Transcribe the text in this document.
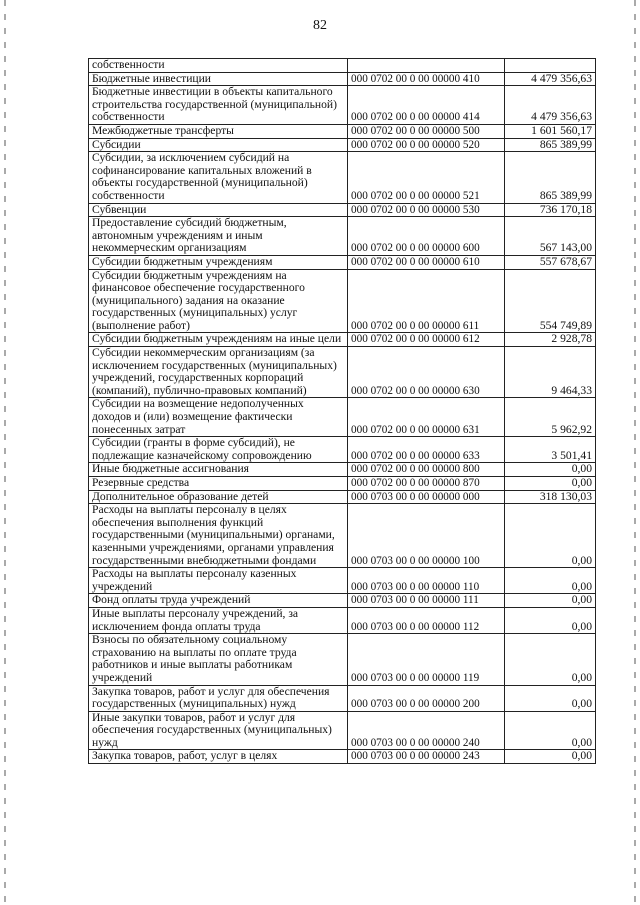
82
собственности		
Бюджетные инвестиции	000 0702 00 0 00 00000 410	4 479 356,63
Бюджетные инвестиции в объекты капитального строительства государственной (муниципальной) собственности	000 0702 00 0 00 00000 414	4 479 356,63
Межбюджетные трансферты	000 0702 00 0 00 00000 500	1 601 560,17
Субсидии	000 0702 00 0 00 00000 520	865 389,99
Субсидии, за исключением субсидий на софинансирование капитальных вложений в объекты государственной (муниципальной) собственности	000 0702 00 0 00 00000 521	865 389,99
Субвенции	000 0702 00 0 00 00000 530	736 170,18
Предоставление субсидий бюджетным, автономным учреждениям и иным некоммерческим организациям	000 0702 00 0 00 00000 600	567 143,00
Субсидии бюджетным учреждениям	000 0702 00 0 00 00000 610	557 678,67
Субсидии бюджетным учреждениям на финансовое обеспечение государственного (муниципального) задания на оказание государственных (муниципальных) услуг (выполнение работ)	000 0702 00 0 00 00000 611	554 749,89
Субсидии бюджетным учреждениям на иные цели	000 0702 00 0 00 00000 612	2 928,78
Субсидии некоммерческим организациям (за исключением государственных (муниципальных) учреждений, государственных корпораций (компаний), публично-правовых компаний)	000 0702 00 0 00 00000 630	9 464,33
Субсидии на возмещение недополученных доходов и (или) возмещение фактически понесенных затрат	000 0702 00 0 00 00000 631	5 962,92
Субсидии (гранты в форме субсидий), не подлежащие казначейскому сопровождению	000 0702 00 0 00 00000 633	3 501,41
Иные бюджетные ассигнования	000 0702 00 0 00 00000 800	0,00
Резервные средства	000 0702 00 0 00 00000 870	0,00
Дополнительное образование детей	000 0703 00 0 00 00000 000	318 130,03
Расходы на выплаты персоналу в целях обеспечения выполнения функций государственными (муниципальными) органами, казенными учреждениями, органами управления государственными внебюджетными фондами	000 0703 00 0 00 00000 100	0,00
Расходы на выплаты персоналу казенных учреждений	000 0703 00 0 00 00000 110	0,00
Фонд оплаты труда учреждений	000 0703 00 0 00 00000 111	0,00
Иные выплаты персоналу учреждений, за исключением фонда оплаты труда	000 0703 00 0 00 00000 112	0,00
Взносы по обязательному социальному страхованию на выплаты по оплате труда работников и иные выплаты работникам учреждений	000 0703 00 0 00 00000 119	0,00
Закупка товаров, работ и услуг для обеспечения государственных (муниципальных) нужд	000 0703 00 0 00 00000 200	0,00
Иные закупки товаров, работ и услуг для обеспечения государственных (муниципальных) нужд	000 0703 00 0 00 00000 240	0,00
Закупка товаров, работ, услуг в целях	000 0703 00 0 00 00000 243	0,00
